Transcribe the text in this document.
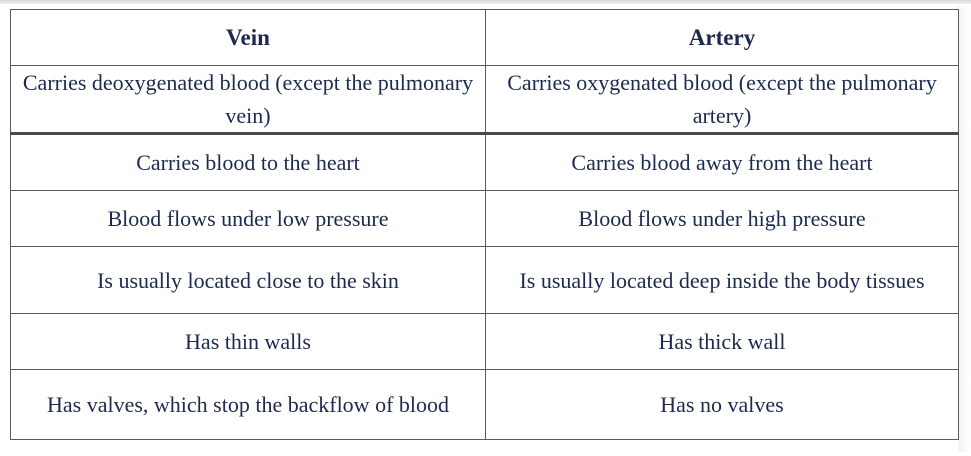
Vein	Artery
Carries deoxygenated blood (except the pulmonary vein)	Carries oxygenated blood (except the pulmonary artery)
Carries blood to the heart	Carries blood away from the heart
Blood flows under low pressure	Blood flows under high pressure
Is usually located close to the skin	Is usually located deep inside the body tissues
Has thin walls	Has thick wall
Has valves, which stop the backflow of blood	Has no valves
